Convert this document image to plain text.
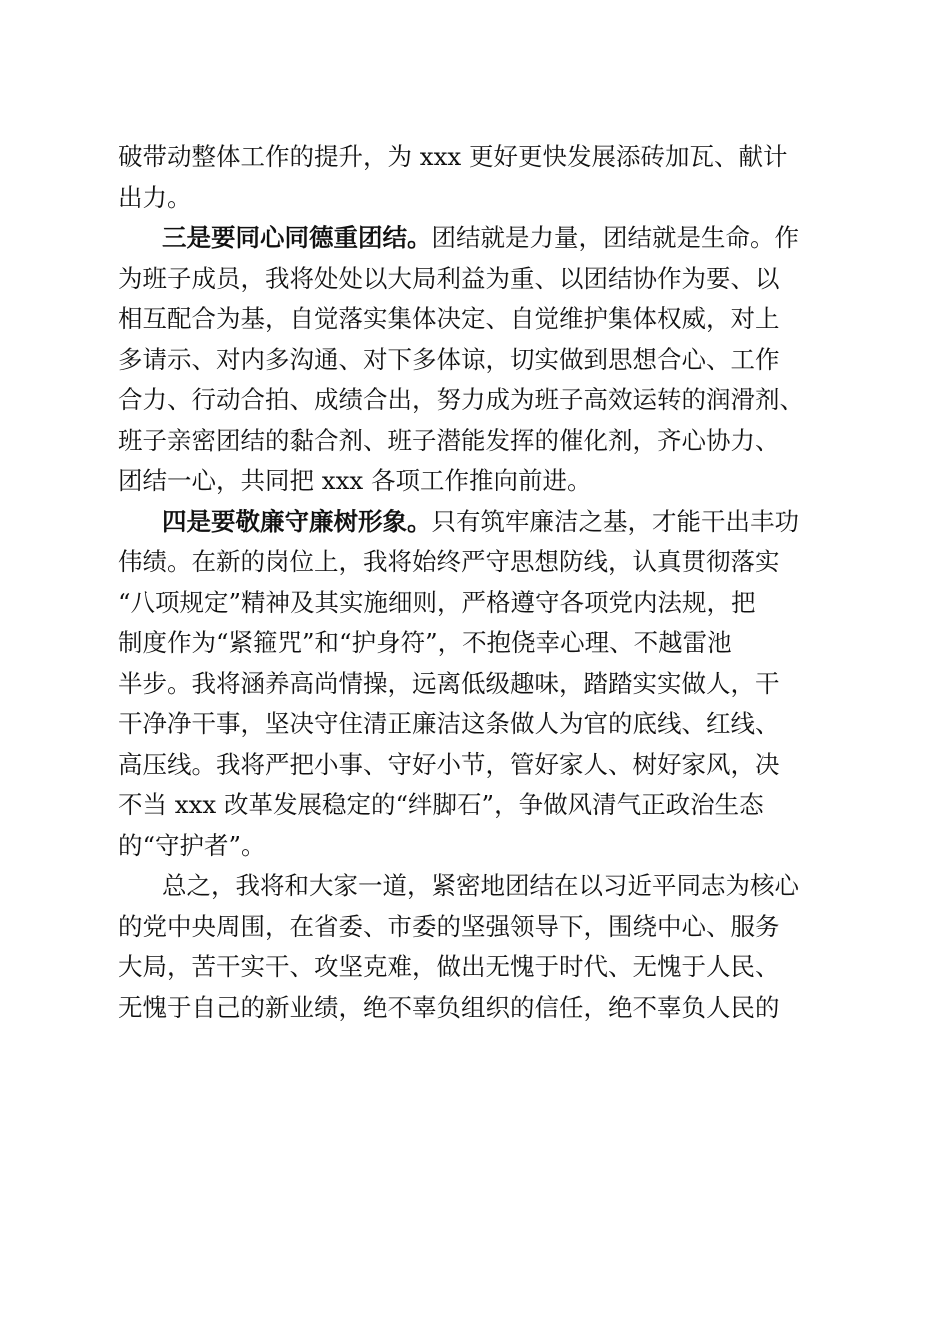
破带动整体工作的提升，为 xxx 更好更快发展添砖加瓦、献计
出力。
三是要同心同德重团结。团结就是力量，团结就是生命。作
为班子成员，我将处处以大局利益为重、以团结协作为要、以
相互配合为基，自觉落实集体决定、自觉维护集体权威，对上
多请示、对内多沟通、对下多体谅，切实做到思想合心、工作
合力、行动合拍、成绩合出，努力成为班子高效运转的润滑剂、
班子亲密团结的黏合剂、班子潜能发挥的催化剂，齐心协力、
团结一心，共同把 xxx 各项工作推向前进。
四是要敬廉守廉树形象。只有筑牢廉洁之基，才能干出丰功
伟绩。在新的岗位上，我将始终严守思想防线，认真贯彻落实
“八项规定”精神及其实施细则，严格遵守各项党内法规，把
制度作为“紧箍咒”和“护身符”，不抱侥幸心理、不越雷池
半步。我将涵养高尚情操，远离低级趣味，踏踏实实做人，干
干净净干事，坚决守住清正廉洁这条做人为官的底线、红线、
高压线。我将严把小事、守好小节，管好家人、树好家风，决
不当 xxx 改革发展稳定的“绊脚石”，争做风清气正政治生态
的“守护者”。
总之，我将和大家一道，紧密地团结在以习近平同志为核心
的党中央周围，在省委、市委的坚强领导下，围绕中心、服务
大局，苦干实干、攻坚克难，做出无愧于时代、无愧于人民、
无愧于自己的新业绩，绝不辜负组织的信任，绝不辜负人民的
